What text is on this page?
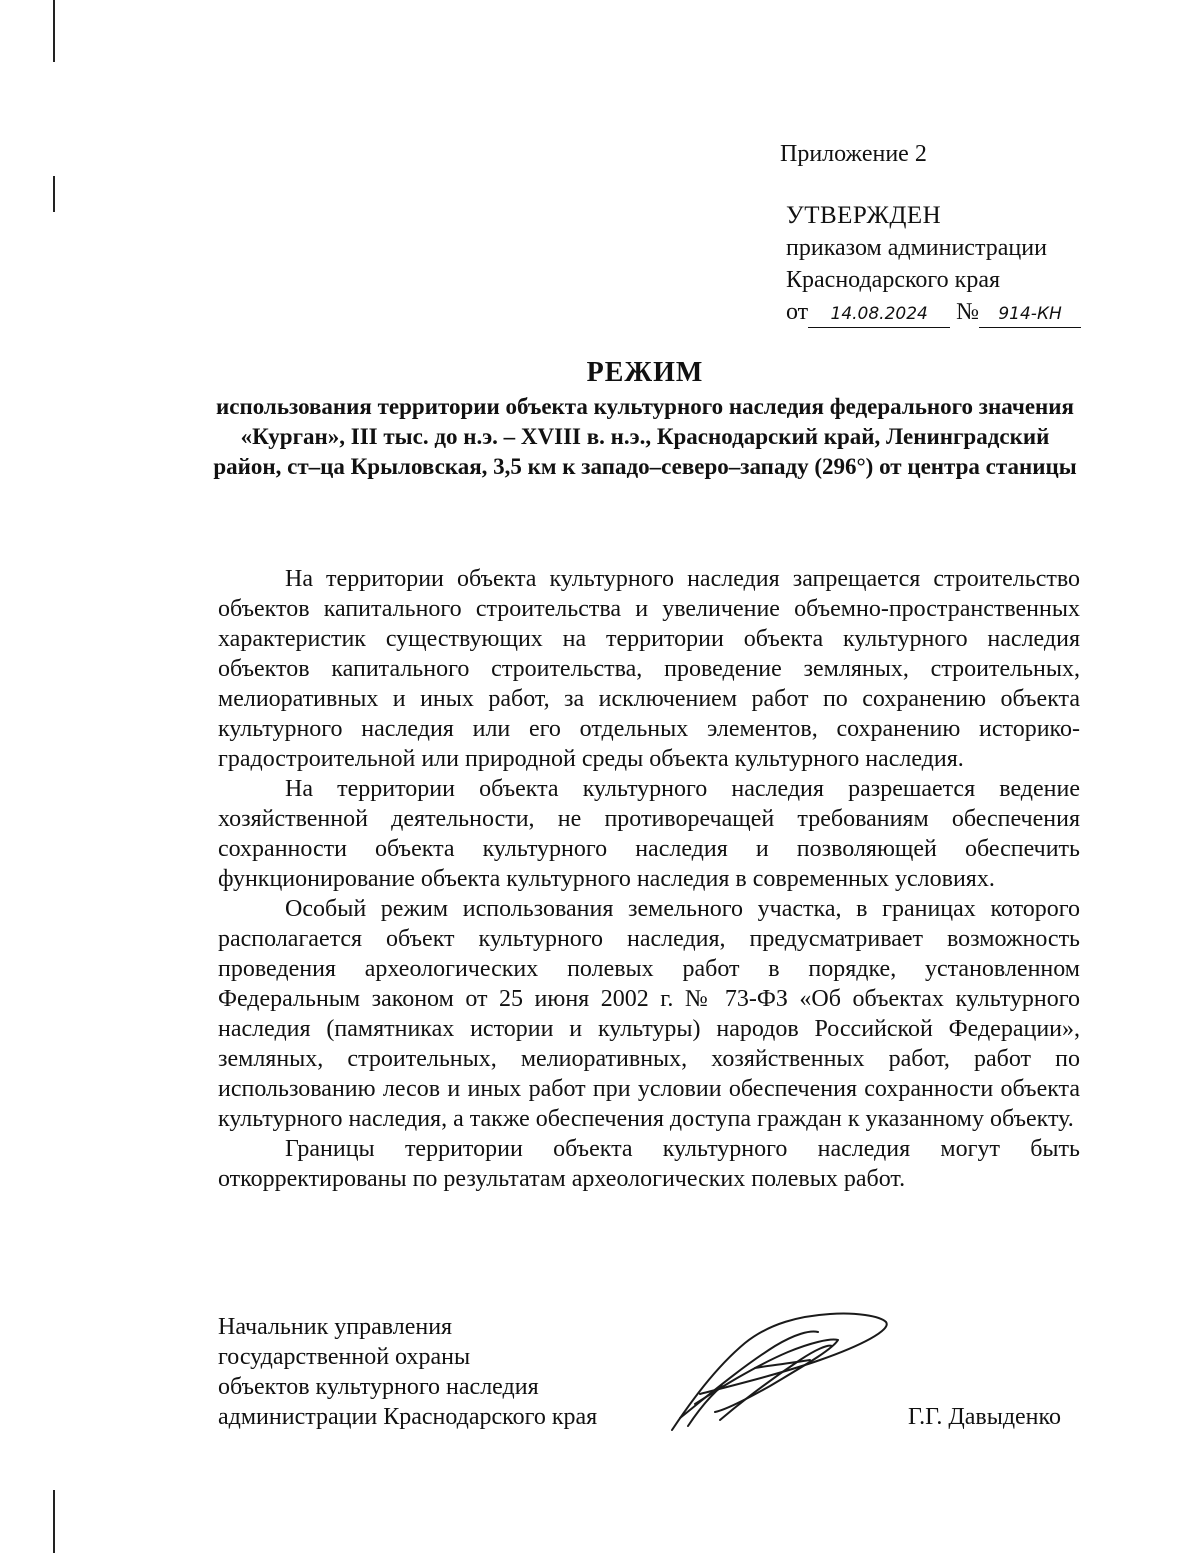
Приложение 2
УТВЕРЖДЕН
приказом администрации
Краснодарского края
от 14.08.2024 № 914-КН
РЕЖИМ
использования территории объекта культурного наследия федерального значения «Курган», III тыс. до н.э. – XVIII в. н.э., Краснодарский край, Ленинградский район, ст–ца Крыловская, 3,5 км к западо–северо–западу (296°) от центра станицы

На территории объекта культурного наследия запрещается строительство объектов капитального строительства и увеличение объемно-пространственных характеристик существующих на территории объекта культурного наследия объектов капитального строительства, проведение земляных, строительных, мелиоративных и иных работ, за исключением работ по сохранению объекта культурного наследия или его отдельных элементов, сохранению историко-градостроительной или природной среды объекта культурного наследия.

На территории объекта культурного наследия разрешается ведение хозяйственной деятельности, не противоречащей требованиям обеспечения сохранности объекта культурного наследия и позволяющей обеспечить функционирование объекта культурного наследия в современных условиях.

Особый режим использования земельного участка, в границах которого располагается объект культурного наследия, предусматривает возможность проведения археологических полевых работ в порядке, установленном Федеральным законом от 25 июня 2002 г. № 73-ФЗ «Об объектах культурного наследия (памятниках истории и культуры) народов Российской Федерации», земляных, строительных, мелиоративных, хозяйственных работ, работ по использованию лесов и иных работ при условии обеспечения сохранности объекта культурного наследия, а также обеспечения доступа граждан к указанному объекту.

Границы территории объекта культурного наследия могут быть откорректированы по результатам археологических полевых работ.

Начальник управления
государственной охраны
объектов культурного наследия
администрации Краснодарского края	Г.Г. Давыденко
